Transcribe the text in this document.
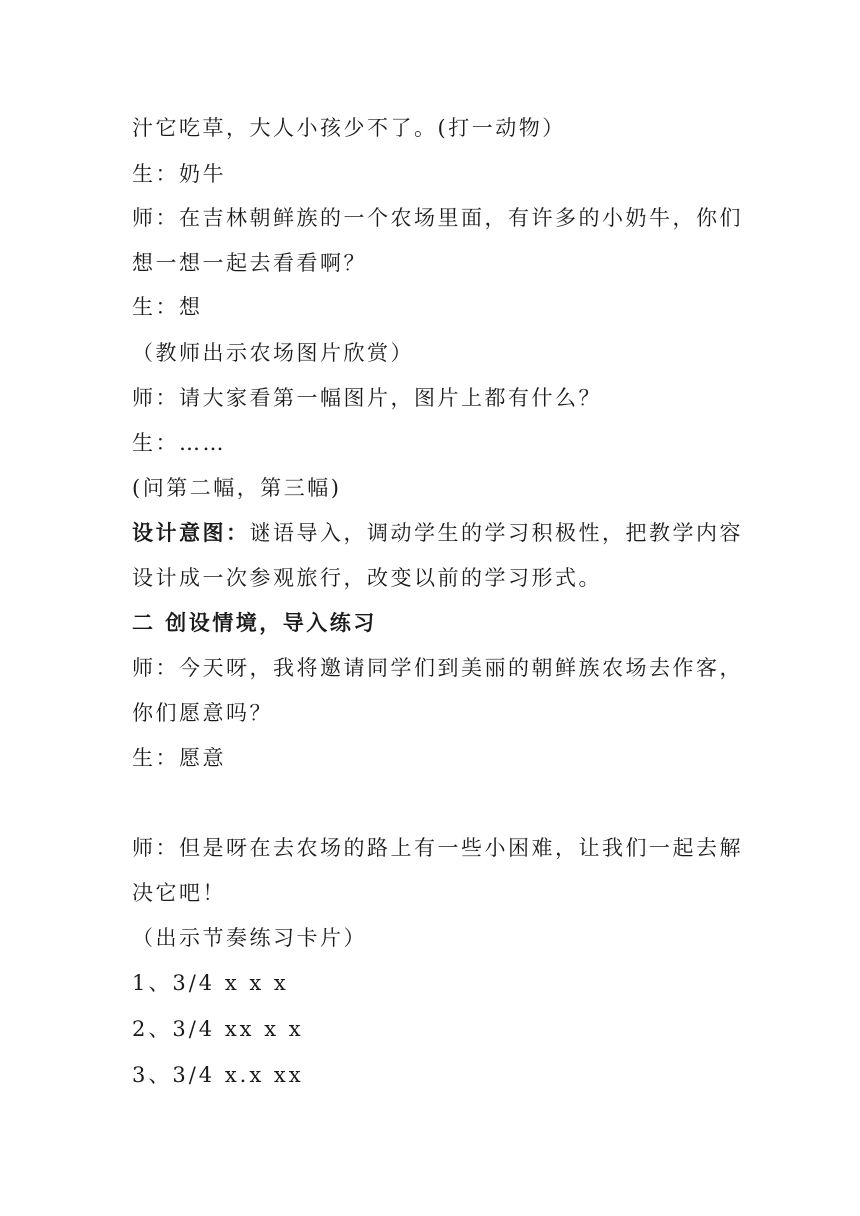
汁它吃草，大人小孩少不了。(打一动物）
生：奶牛
师：在吉林朝鲜族的一个农场里面，有许多的小奶牛，你们
想一想一起去看看啊？
生：想
（教师出示农场图片欣赏）
师：请大家看第一幅图片，图片上都有什么？
生：……
(问第二幅，第三幅)
设计意图：谜语导入，调动学生的学习积极性，把教学内容
设计成一次参观旅行，改变以前的学习形式。
二 创设情境，导入练习
师：今天呀，我将邀请同学们到美丽的朝鲜族农场去作客，
你们愿意吗？
生：愿意
师：但是呀在去农场的路上有一些小困难，让我们一起去解
决它吧！
（出示节奏练习卡片）
1、3/4 x x x
2、3/4 xx x x
3、3/4 x.x xx
